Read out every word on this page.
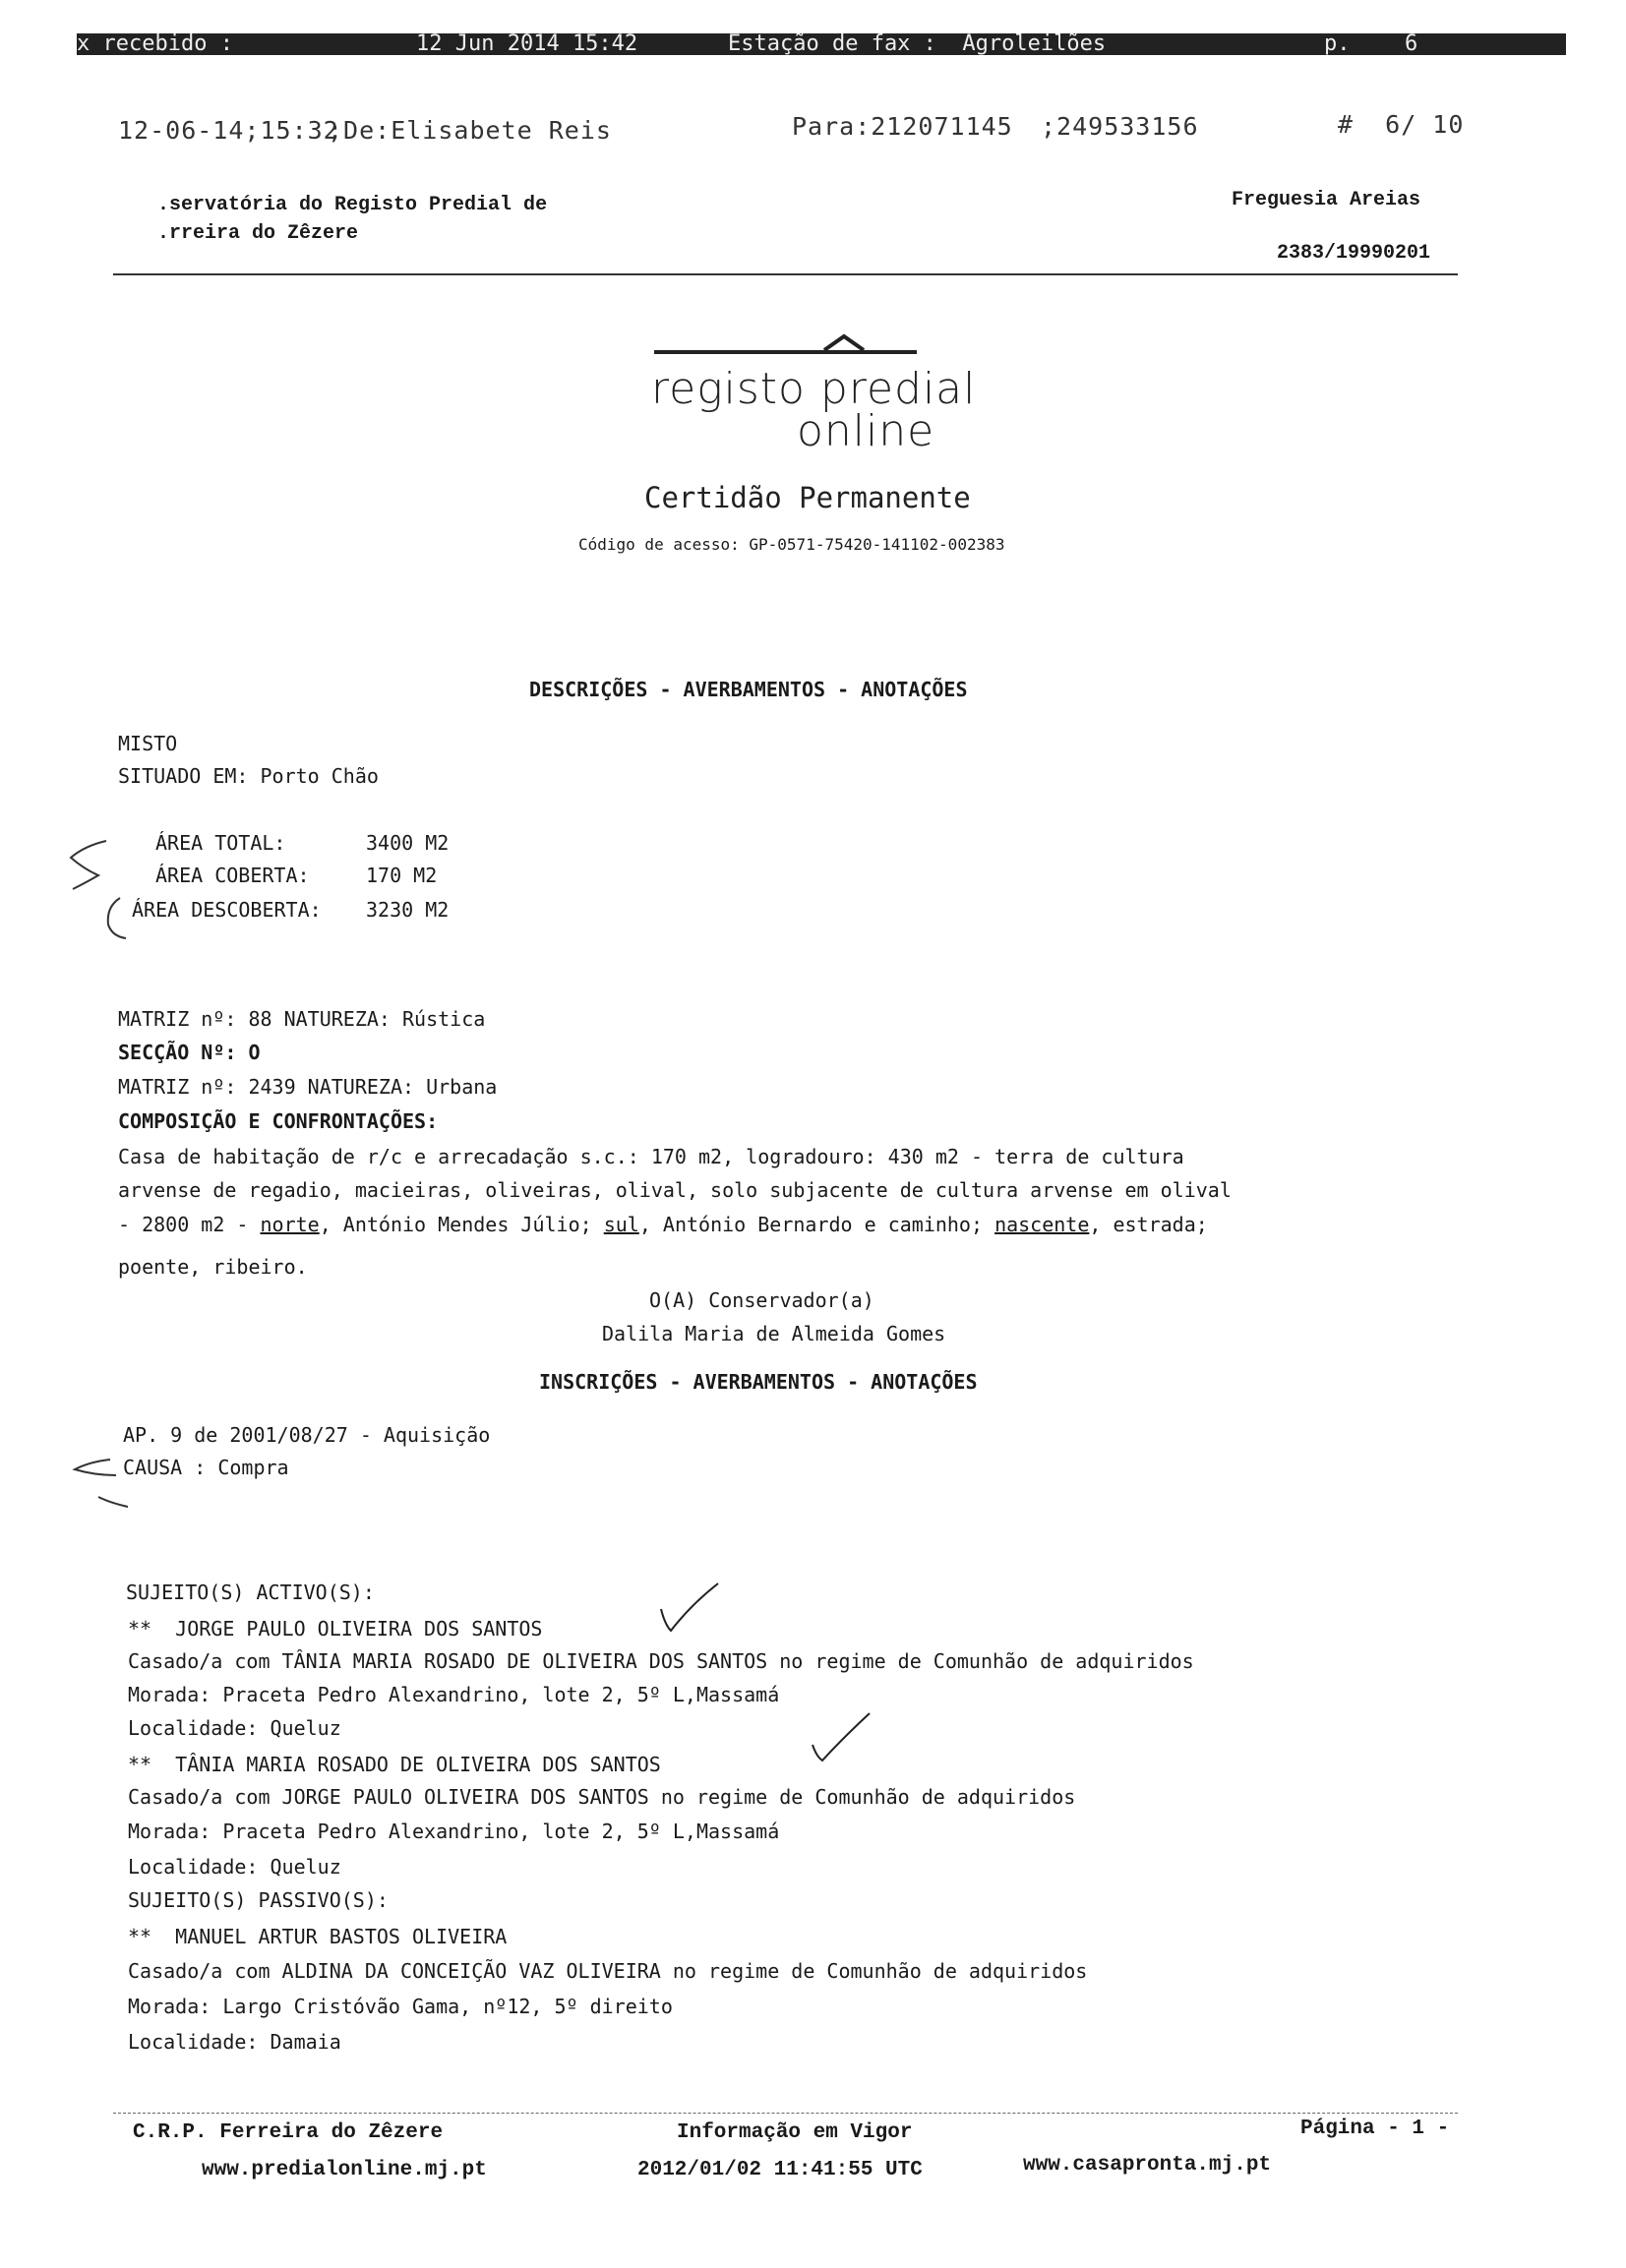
x recebido :	12 Jun 2014 15:42	Estação de fax :  Agroleilões	p.	6
12-06-14;15:32
;De:Elisabete Reis	Para:212071145 ;249533156	#  6/ 10
.servatória do Registo Predial de
.rreira do Zêzere
Freguesia Areias
2383/19990201
registo predial
online
Certidão Permanente
Código de acesso: GP-0571-75420-141102-002383
DESCRIÇÕES - AVERBAMENTOS - ANOTAÇÕES
MISTO
SITUADO EM: Porto Chão
ÁREA TOTAL:	3400 M2
ÁREA COBERTA:	170 M2
ÁREA DESCOBERTA: 3230 M2
MATRIZ nº: 88 NATUREZA: Rústica
SECÇÃO Nº: O
MATRIZ nº: 2439 NATUREZA: Urbana
COMPOSIÇÃO E CONFRONTAÇÕES:
Casa de habitação de r/c e arrecadação s.c.: 170 m2, logradouro: 430 m2 - terra de cultura
arvense de regadio, macieiras, oliveiras, olival, solo subjacente de cultura arvense em olival
- 2800 m2 - norte, António Mendes Júlio; sul, António Bernardo e caminho; nascente, estrada;
poente, ribeiro.
O(A) Conservador(a)
Dalila Maria de Almeida Gomes
INSCRIÇÕES - AVERBAMENTOS - ANOTAÇÕES
AP. 9 de 2001/08/27 - Aquisição
CAUSA : Compra
SUJEITO(S) ACTIVO(S):
**  JORGE PAULO OLIVEIRA DOS SANTOS
Casado/a com TÂNIA MARIA ROSADO DE OLIVEIRA DOS SANTOS no regime de Comunhão de adquiridos
Morada: Praceta Pedro Alexandrino, lote 2, 5º L,Massamá
Localidade: Queluz
**  TÂNIA MARIA ROSADO DE OLIVEIRA DOS SANTOS
Casado/a com JORGE PAULO OLIVEIRA DOS SANTOS no regime de Comunhão de adquiridos
Morada: Praceta Pedro Alexandrino, lote 2, 5º L,Massamá
Localidade: Queluz
SUJEITO(S) PASSIVO(S):
**  MANUEL ARTUR BASTOS OLIVEIRA
Casado/a com ALDINA DA CONCEIÇÃO VAZ OLIVEIRA no regime de Comunhão de adquiridos
Morada: Largo Cristóvão Gama, nº12, 5º direito
Localidade: Damaia
C.R.P. Ferreira do Zêzere
www.predialonline.mj.pt
Informação em Vigor
2012/01/02 11:41:55 UTC
Página - 1 -
www.casapronta.mj.pt
